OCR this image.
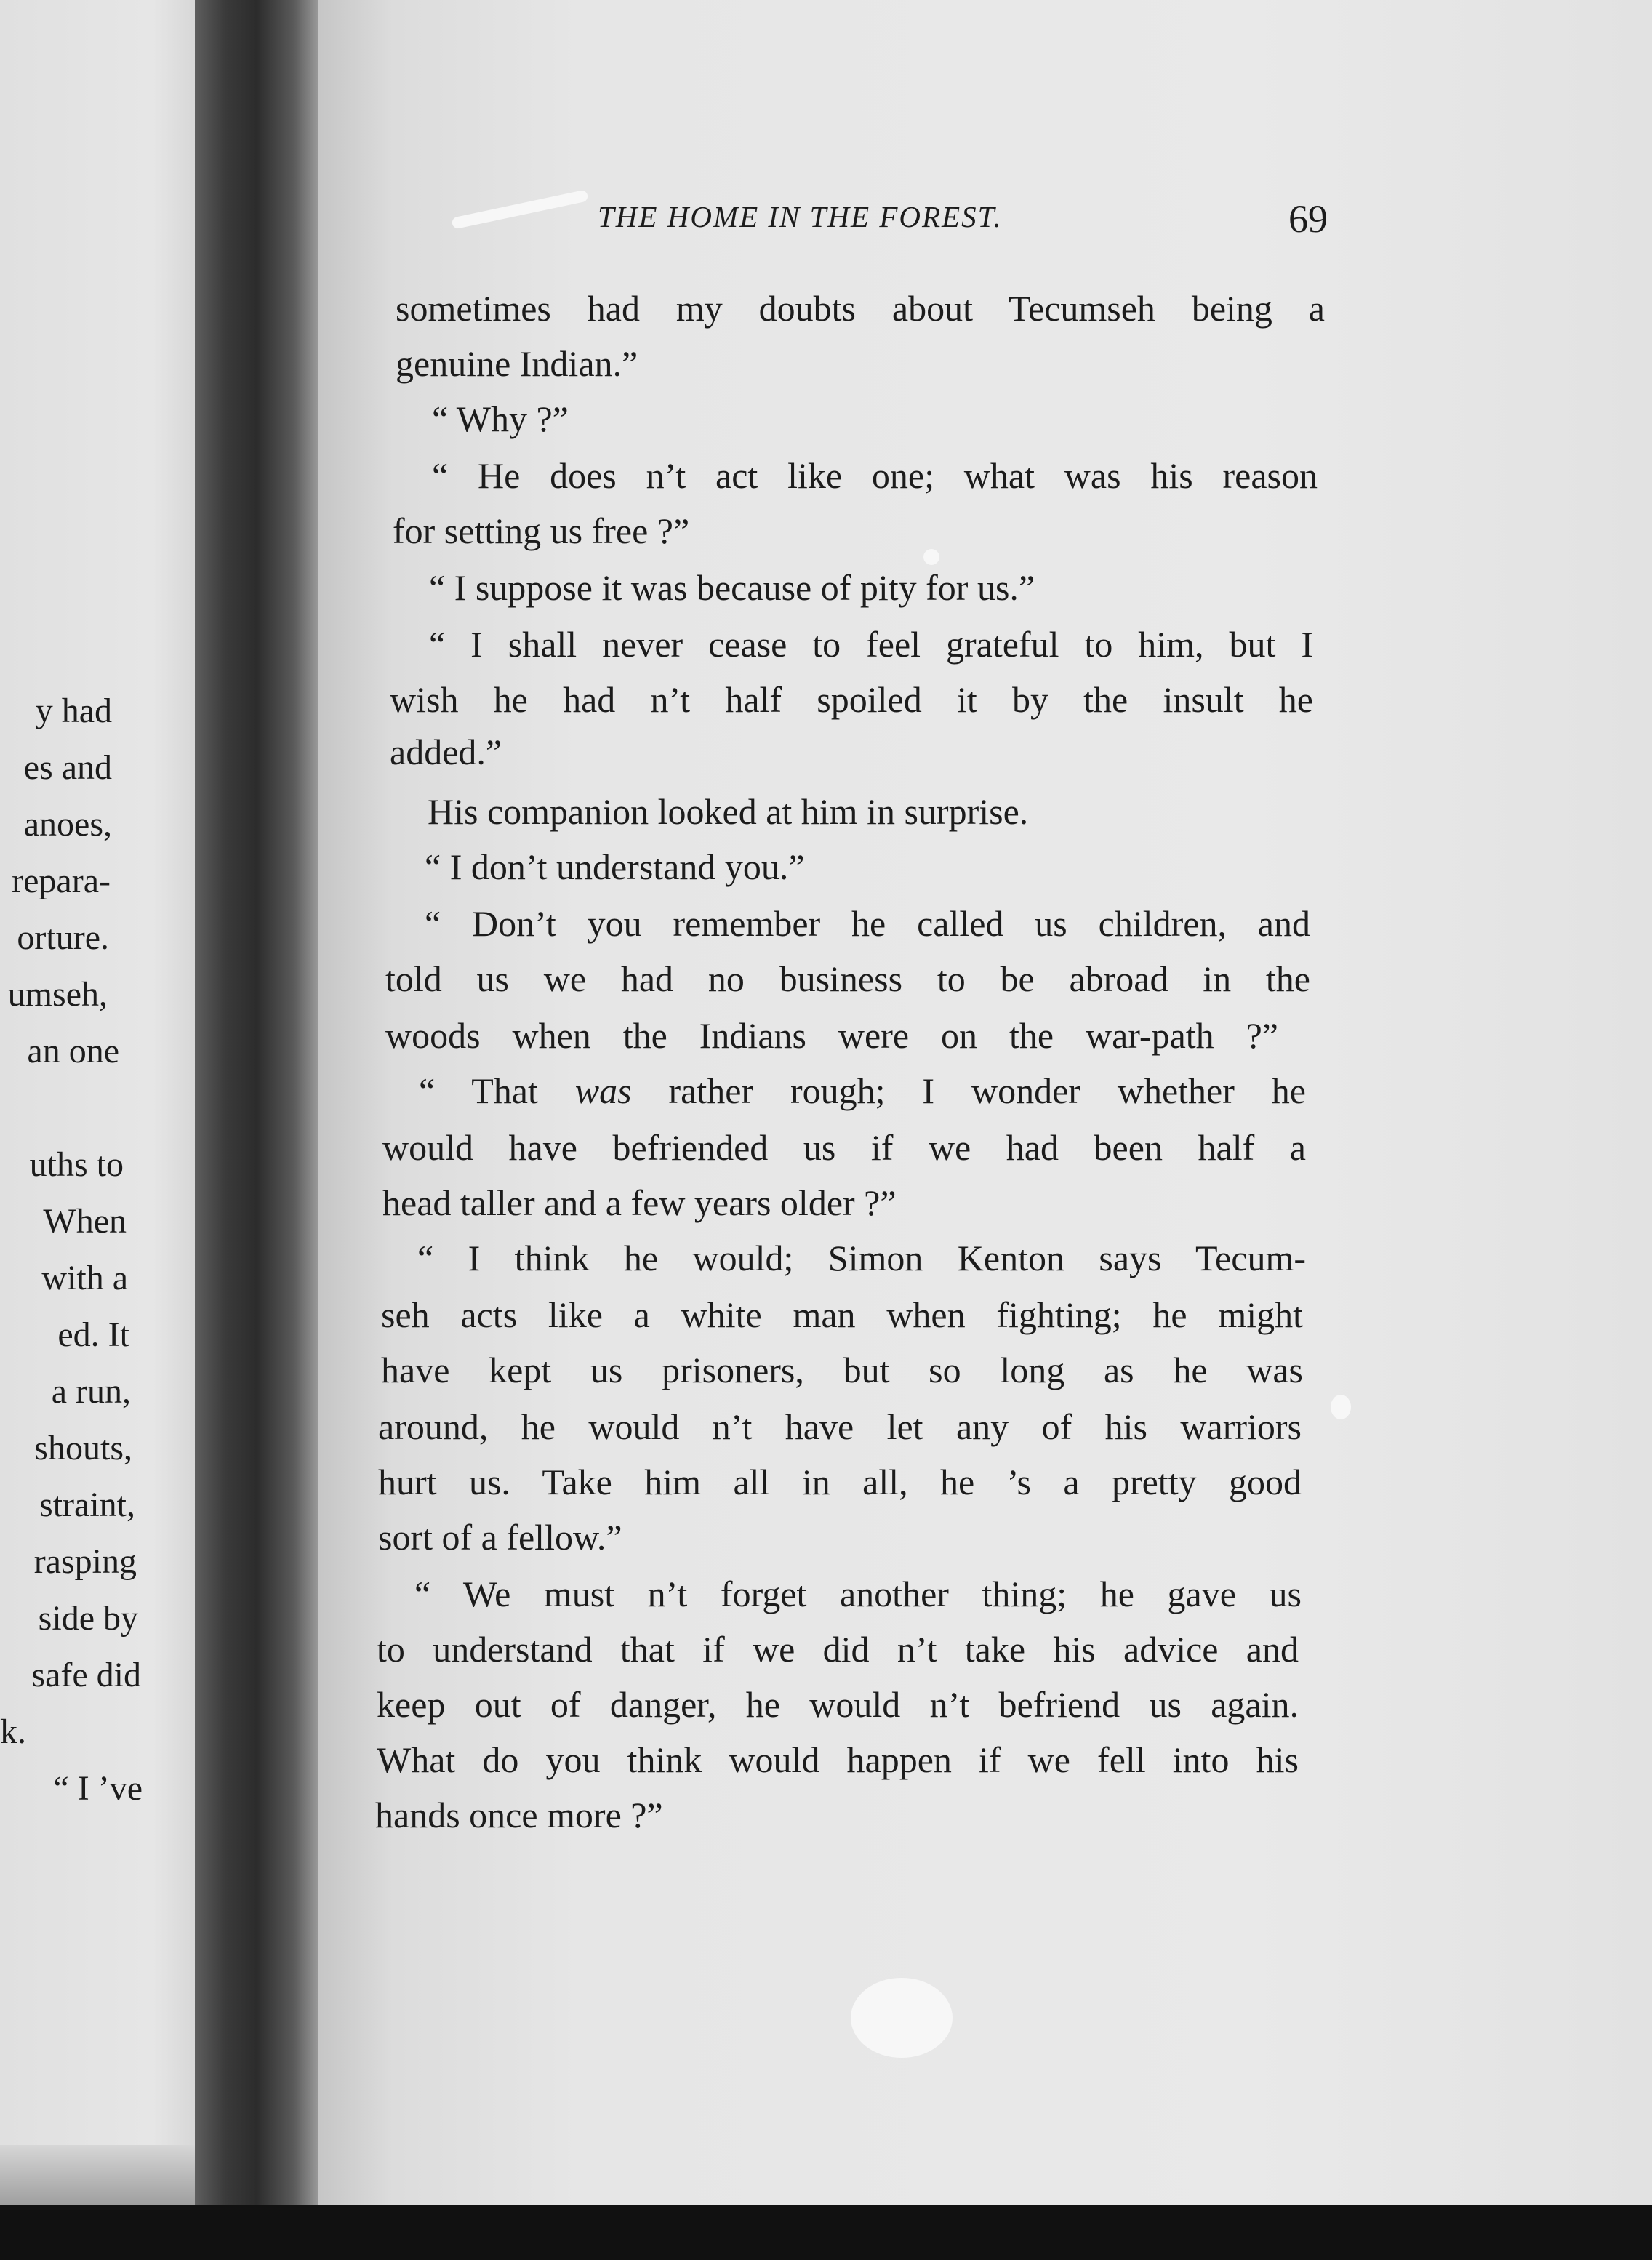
y had
es and
anoes,
repara-
orture.
umseh,
an one
uths to
When
with a
ed. It
a run,
shouts,
straint,
rasping
side by
safe did
k.
“ I ’ve
THE HOME IN THE FOREST.	69
sometimes had my doubts about Tecumseh being a
genuine Indian.”
“ Why ?”
“ He does n’t act like one; what was his reason
for setting us free ?”
“ I suppose it was because of pity for us.”
“ I shall never cease to feel grateful to him, but I
wish he had n’t half spoiled it by the insult he
added.”
His companion looked at him in surprise.
“ I don’t understand you.”
“ Don’t you remember he called us children, and
told us we had no business to be abroad in the
woods when the Indians were on the war-path ?”
“ That was rather rough; I wonder whether he
would have befriended us if we had been half a
head taller and a few years older ?”
“ I think he would; Simon Kenton says Tecum-
seh acts like a white man when fighting; he might
have kept us prisoners, but so long as he was
around, he would n’t have let any of his warriors
hurt us. Take him all in all, he ’s a pretty good
sort of a fellow.”
“ We must n’t forget another thing; he gave us
to understand that if we did n’t take his advice and
keep out of danger, he would n’t befriend us again.
What do you think would happen if we fell into his
hands once more ?”
